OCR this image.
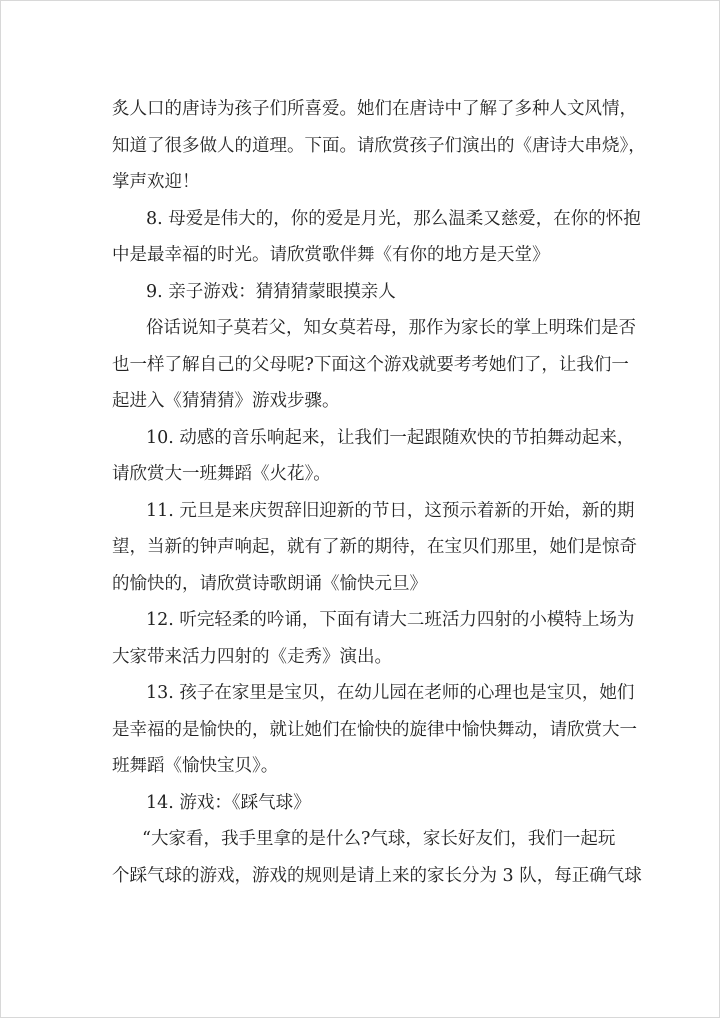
炙人口的唐诗为孩子们所喜爱。她们在唐诗中了解了多种人文风情，
知道了很多做人的道理。下面。请欣赏孩子们演出的《唐诗大串烧》，
掌声欢迎！
8. 母爱是伟大的，你的爱是月光，那么温柔又慈爱，在你的怀抱
中是最幸福的时光。请欣赏歌伴舞《有你的地方是天堂》
9. 亲子游戏：猜猜猜蒙眼摸亲人
俗话说知子莫若父，知女莫若母，那作为家长的掌上明珠们是否
也一样了解自己的父母呢?下面这个游戏就要考考她们了，让我们一
起进入《猜猜猜》游戏步骤。
10. 动感的音乐响起来，让我们一起跟随欢快的节拍舞动起来，
请欣赏大一班舞蹈《火花》。
11. 元旦是来庆贺辞旧迎新的节日，这预示着新的开始，新的期
望，当新的钟声响起，就有了新的期待，在宝贝们那里，她们是惊奇
的愉快的，请欣赏诗歌朗诵《愉快元旦》
12. 听完轻柔的吟诵，下面有请大二班活力四射的小模特上场为
大家带来活力四射的《走秀》演出。
13. 孩子在家里是宝贝，在幼儿园在老师的心理也是宝贝，她们
是幸福的是愉快的，就让她们在愉快的旋律中愉快舞动，请欣赏大一
班舞蹈《愉快宝贝》。
14. 游戏：《踩气球》
“大家看，我手里拿的是什么?气球，家长好友们，我们一起玩
个踩气球的游戏，游戏的规则是请上来的家长分为 3 队，每正确气球
